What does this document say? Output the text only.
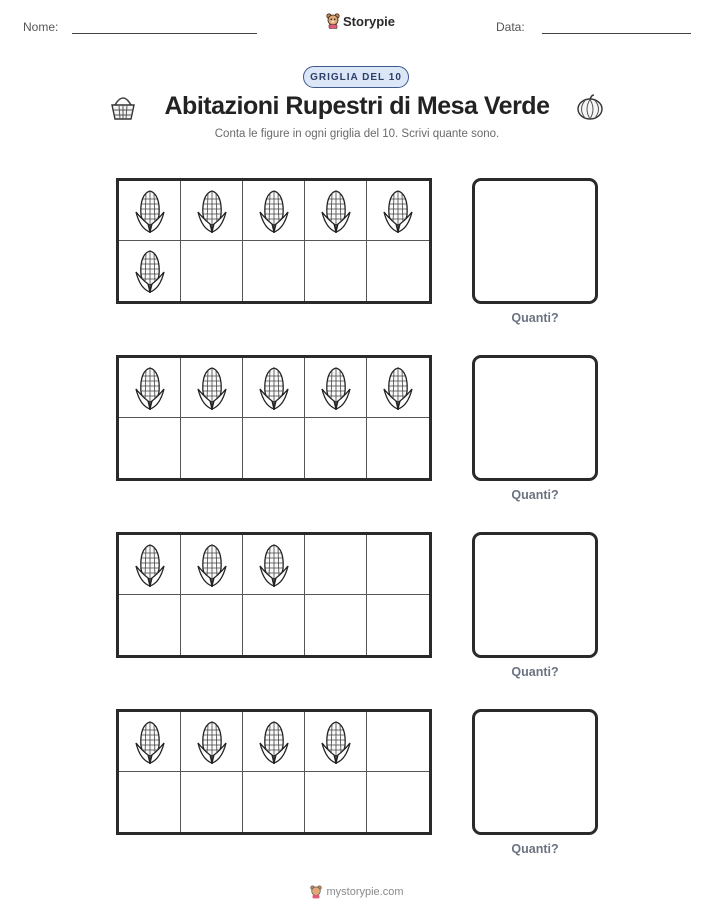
Nome:	Storypie	Data:
GRIGLIA DEL 10
Abitazioni Rupestri di Mesa Verde
Conta le figure in ogni griglia del 10. Scrivi quante sono.
Quanti?
Quanti?
Quanti?
Quanti?
mystorypie.com
